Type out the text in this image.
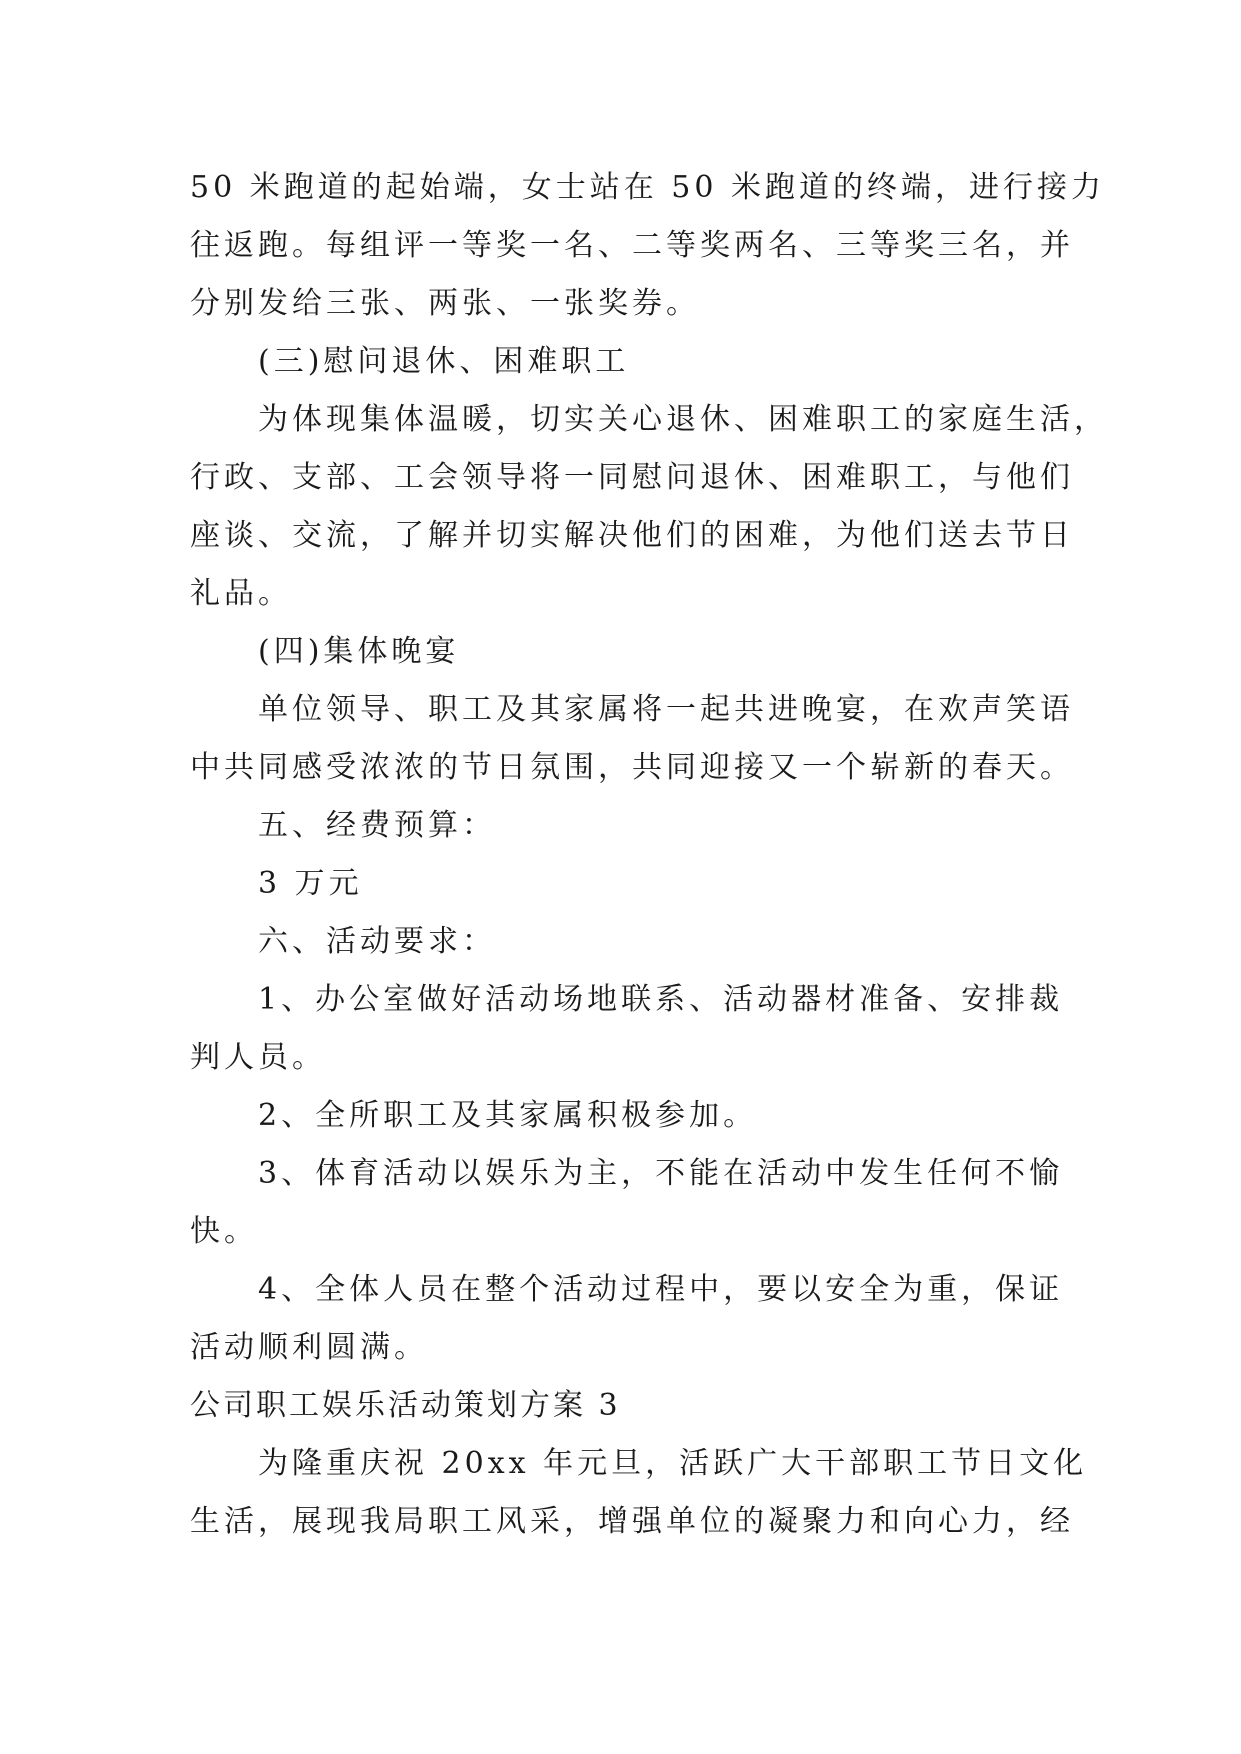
50 米跑道的起始端，女士站在 50 米跑道的终端，进行接力
往返跑。每组评一等奖一名、二等奖两名、三等奖三名，并
分别发给三张、两张、一张奖券。
(三)慰问退休、困难职工
为体现集体温暖，切实关心退休、困难职工的家庭生活，
行政、支部、工会领导将一同慰问退休、困难职工，与他们
座谈、交流，了解并切实解决他们的困难，为他们送去节日
礼品。
(四)集体晚宴
单位领导、职工及其家属将一起共进晚宴，在欢声笑语
中共同感受浓浓的节日氛围，共同迎接又一个崭新的春天。
五、经费预算：
3 万元
六、活动要求：
1、办公室做好活动场地联系、活动器材准备、安排裁
判人员。
2、全所职工及其家属积极参加。
3、体育活动以娱乐为主，不能在活动中发生任何不愉
快。
4、全体人员在整个活动过程中，要以安全为重，保证
活动顺利圆满。
公司职工娱乐活动策划方案 3
为隆重庆祝 20xx 年元旦，活跃广大干部职工节日文化
生活，展现我局职工风采，增强单位的凝聚力和向心力，经
